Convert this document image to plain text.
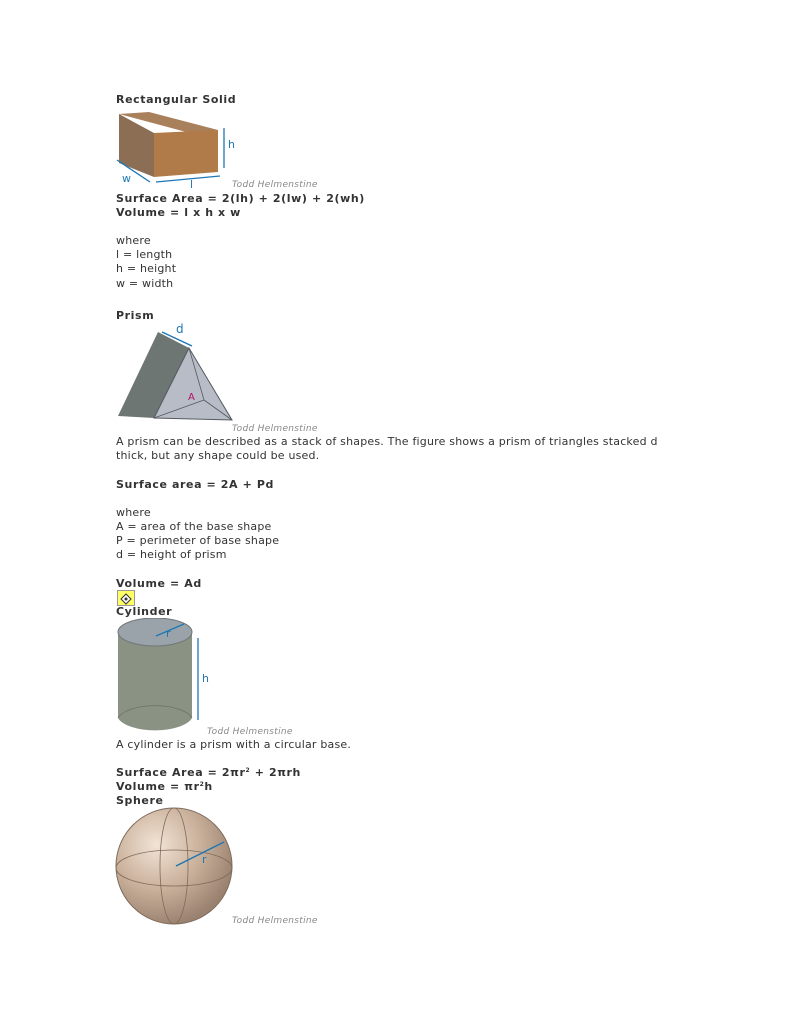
Rectangular Solid
h
w	l	Todd Helmenstine
Surface Area = 2(lh) + 2(lw) + 2(wh)
Volume = l x h x w
where
l = length
h = height
w = width
Prism
d
A
Todd Helmenstine
A prism can be described as a stack of shapes. The figure shows a prism of triangles stacked d thick, but any shape could be used.
Surface area = 2A + Pd
where
A = area of the base shape
P = perimeter of base shape
d = height of prism
Volume = Ad
Cylinder
r
h
Todd Helmenstine
A cylinder is a prism with a circular base.
Surface Area = $2\pi r^2 + 2\pi rh$
Volume = $\pi r^2h$
Sphere
r
Todd Helmenstine
